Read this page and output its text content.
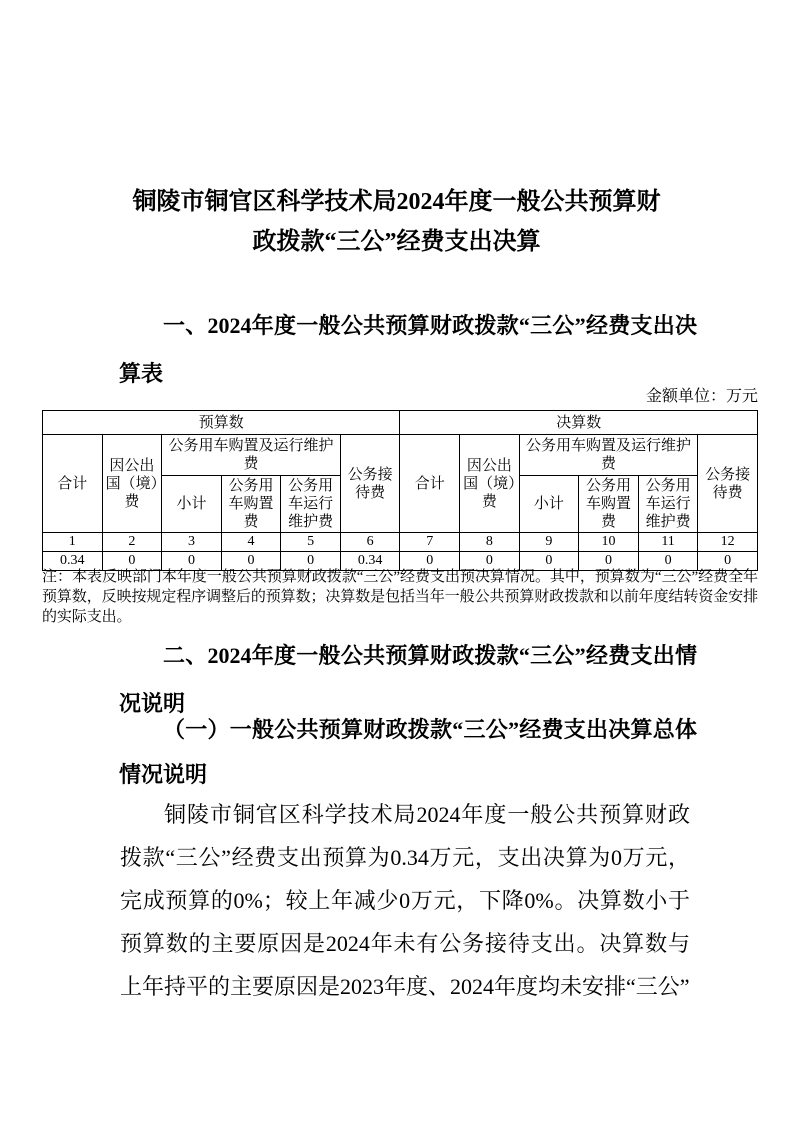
铜陵市铜官区科学技术局2024年度一般公共预算财政拨款“三公”经费支出决算
一、2024年度一般公共预算财政拨款“三公”经费支出决算表
金额单位：万元
预算数						决算数					
合计	因公出国（境）费	公务用车购置及运行维护费			公务接待费	合计	因公出国（境）费	公务用车购置及运行维护费			公务接待费
		小计	公务用车购置费	公务用车运行维护费				小计	公务用车购置费	公务用车运行维护费	
1	2	3	4	5	6	7	8	9	10	11	12
0.34	0	0	0	0	0.34	0	0	0	0	0	0
注：本表反映部门本年度一般公共预算财政拨款“三公”经费支出预决算情况。其中，预算数为“三公”经费全年预算数，反映按规定程序调整后的预算数；决算数是包括当年一般公共预算财政拨款和以前年度结转资金安排的实际支出。
二、2024年度一般公共预算财政拨款“三公”经费支出情况说明
（一）一般公共预算财政拨款“三公”经费支出决算总体情况说明
铜陵市铜官区科学技术局2024年度一般公共预算财政拨款“三公”经费支出预算为0.34万元，支出决算为0万元，完成预算的0%；较上年减少0万元，下降0%。决算数小于预算数的主要原因是2024年未有公务接待支出。决算数与上年持平的主要原因是2023年度、2024年度均未安排“三公”
